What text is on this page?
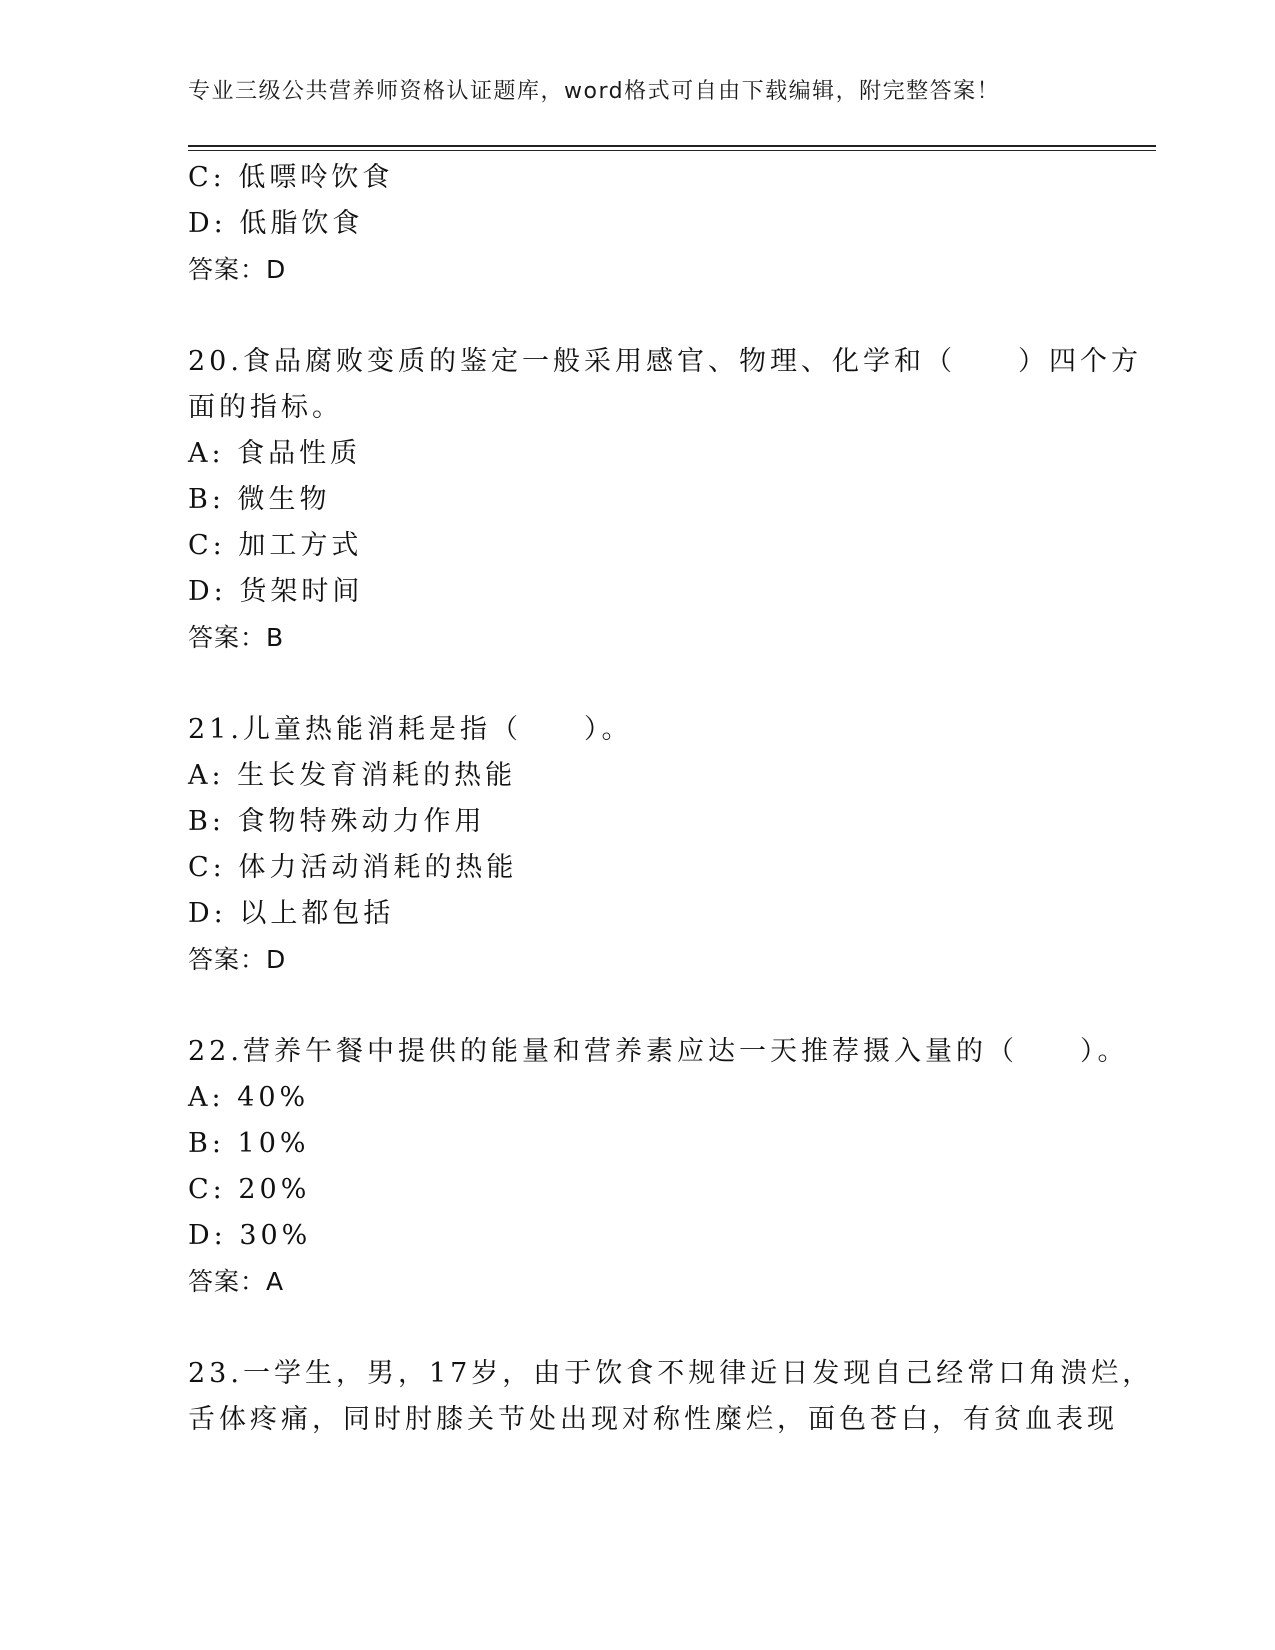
专业三级公共营养师资格认证题库，word格式可自由下载编辑，附完整答案！
C: 低嘌呤饮食
D: 低脂饮食
答案：D
20.食品腐败变质的鉴定一般采用感官、物理、化学和（　　）四个方
面的指标。
A: 食品性质
B: 微生物
C: 加工方式
D: 货架时间
答案：B
21.儿童热能消耗是指（　　）。
A: 生长发育消耗的热能
B: 食物特殊动力作用
C: 体力活动消耗的热能
D: 以上都包括
答案：D
22.营养午餐中提供的能量和营养素应达一天推荐摄入量的（　　）。
A: 40%
B: 10%
C: 20%
D: 30%
答案：A
23.一学生，男，17岁，由于饮食不规律近日发现自己经常口角溃烂，
舌体疼痛，同时肘膝关节处出现对称性糜烂，面色苍白，有贫血表现
